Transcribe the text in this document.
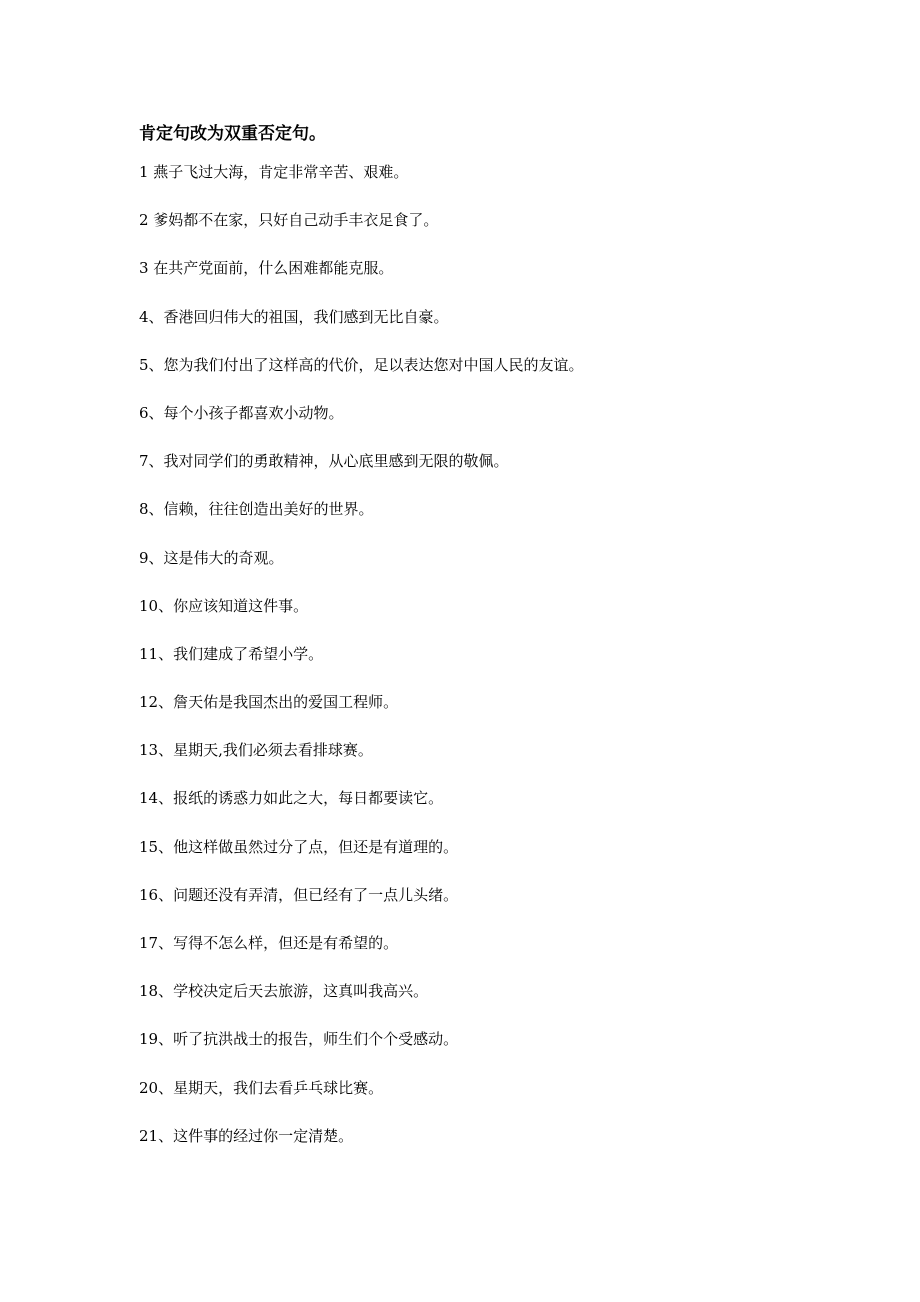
肯定句改为双重否定句。
1 燕子飞过大海，肯定非常辛苦、艰难。
2 爹妈都不在家，只好自己动手丰衣足食了。
3 在共产党面前，什么困难都能克服。
4、香港回归伟大的祖国，我们感到无比自豪。
5、您为我们付出了这样高的代价，足以表达您对中国人民的友谊。
6、每个小孩子都喜欢小动物。
7、我对同学们的勇敢精神，从心底里感到无限的敬佩。
8、信赖，往往创造出美好的世界。
9、这是伟大的奇观。
10、你应该知道这件事。
11、我们建成了希望小学。
12、詹天佑是我国杰出的爱国工程师。
13、星期天,我们必须去看排球赛。
14、报纸的诱惑力如此之大，每日都要读它。
15、他这样做虽然过分了点，但还是有道理的。
16、问题还没有弄清，但已经有了一点儿头绪。
17、写得不怎么样，但还是有希望的。
18、学校决定后天去旅游，这真叫我高兴。
19、听了抗洪战士的报告，师生们个个受感动。
20、星期天，我们去看乒乓球比赛。
21、这件事的经过你一定清楚。
